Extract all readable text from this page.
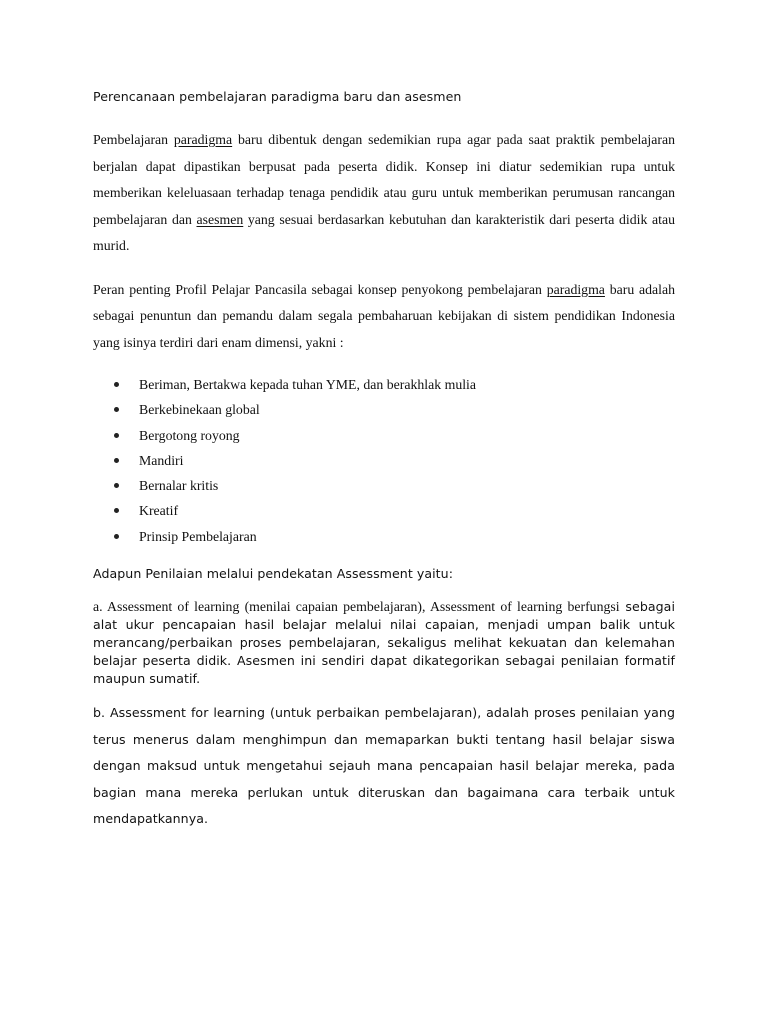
Perencanaan pembelajaran paradigma baru dan asesmen

Pembelajaran paradigma baru dibentuk dengan sedemikian rupa agar pada saat praktik pembelajaran berjalan dapat dipastikan berpusat pada peserta didik. Konsep ini diatur sedemikian rupa untuk memberikan keleluasaan terhadap tenaga pendidik atau guru untuk memberikan perumusan rancangan pembelajaran dan asesmen yang sesuai berdasarkan kebutuhan dan karakteristik dari peserta didik atau murid.

Peran penting Profil Pelajar Pancasila sebagai konsep penyokong pembelajaran paradigma baru adalah sebagai penuntun dan pemandu dalam segala pembaharuan kebijakan di sistem pendidikan Indonesia yang isinya terdiri dari enam dimensi, yakni :

Beriman, Bertakwa kepada tuhan YME, dan berakhlak mulia
Berkebinekaan global
Bergotong royong
Mandiri
Bernalar kritis
Kreatif
Prinsip Pembelajaran

Adapun Penilaian melalui pendekatan Assessment yaitu:

a. Assessment of learning (menilai capaian pembelajaran), Assessment of learning berfungsi sebagai alat ukur pencapaian hasil belajar melalui nilai capaian, menjadi umpan balik untuk merancang/perbaikan proses pembelajaran, sekaligus melihat kekuatan dan kelemahan belajar peserta didik. Asesmen ini sendiri dapat dikategorikan sebagai penilaian formatif maupun sumatif.

b. Assessment for learning (untuk perbaikan pembelajaran), adalah proses penilaian yang terus menerus dalam menghimpun dan memaparkan bukti tentang hasil belajar siswa dengan maksud untuk mengetahui sejauh mana pencapaian hasil belajar mereka, pada bagian mana mereka perlukan untuk diteruskan dan bagaimana cara terbaik untuk mendapatkannya.
